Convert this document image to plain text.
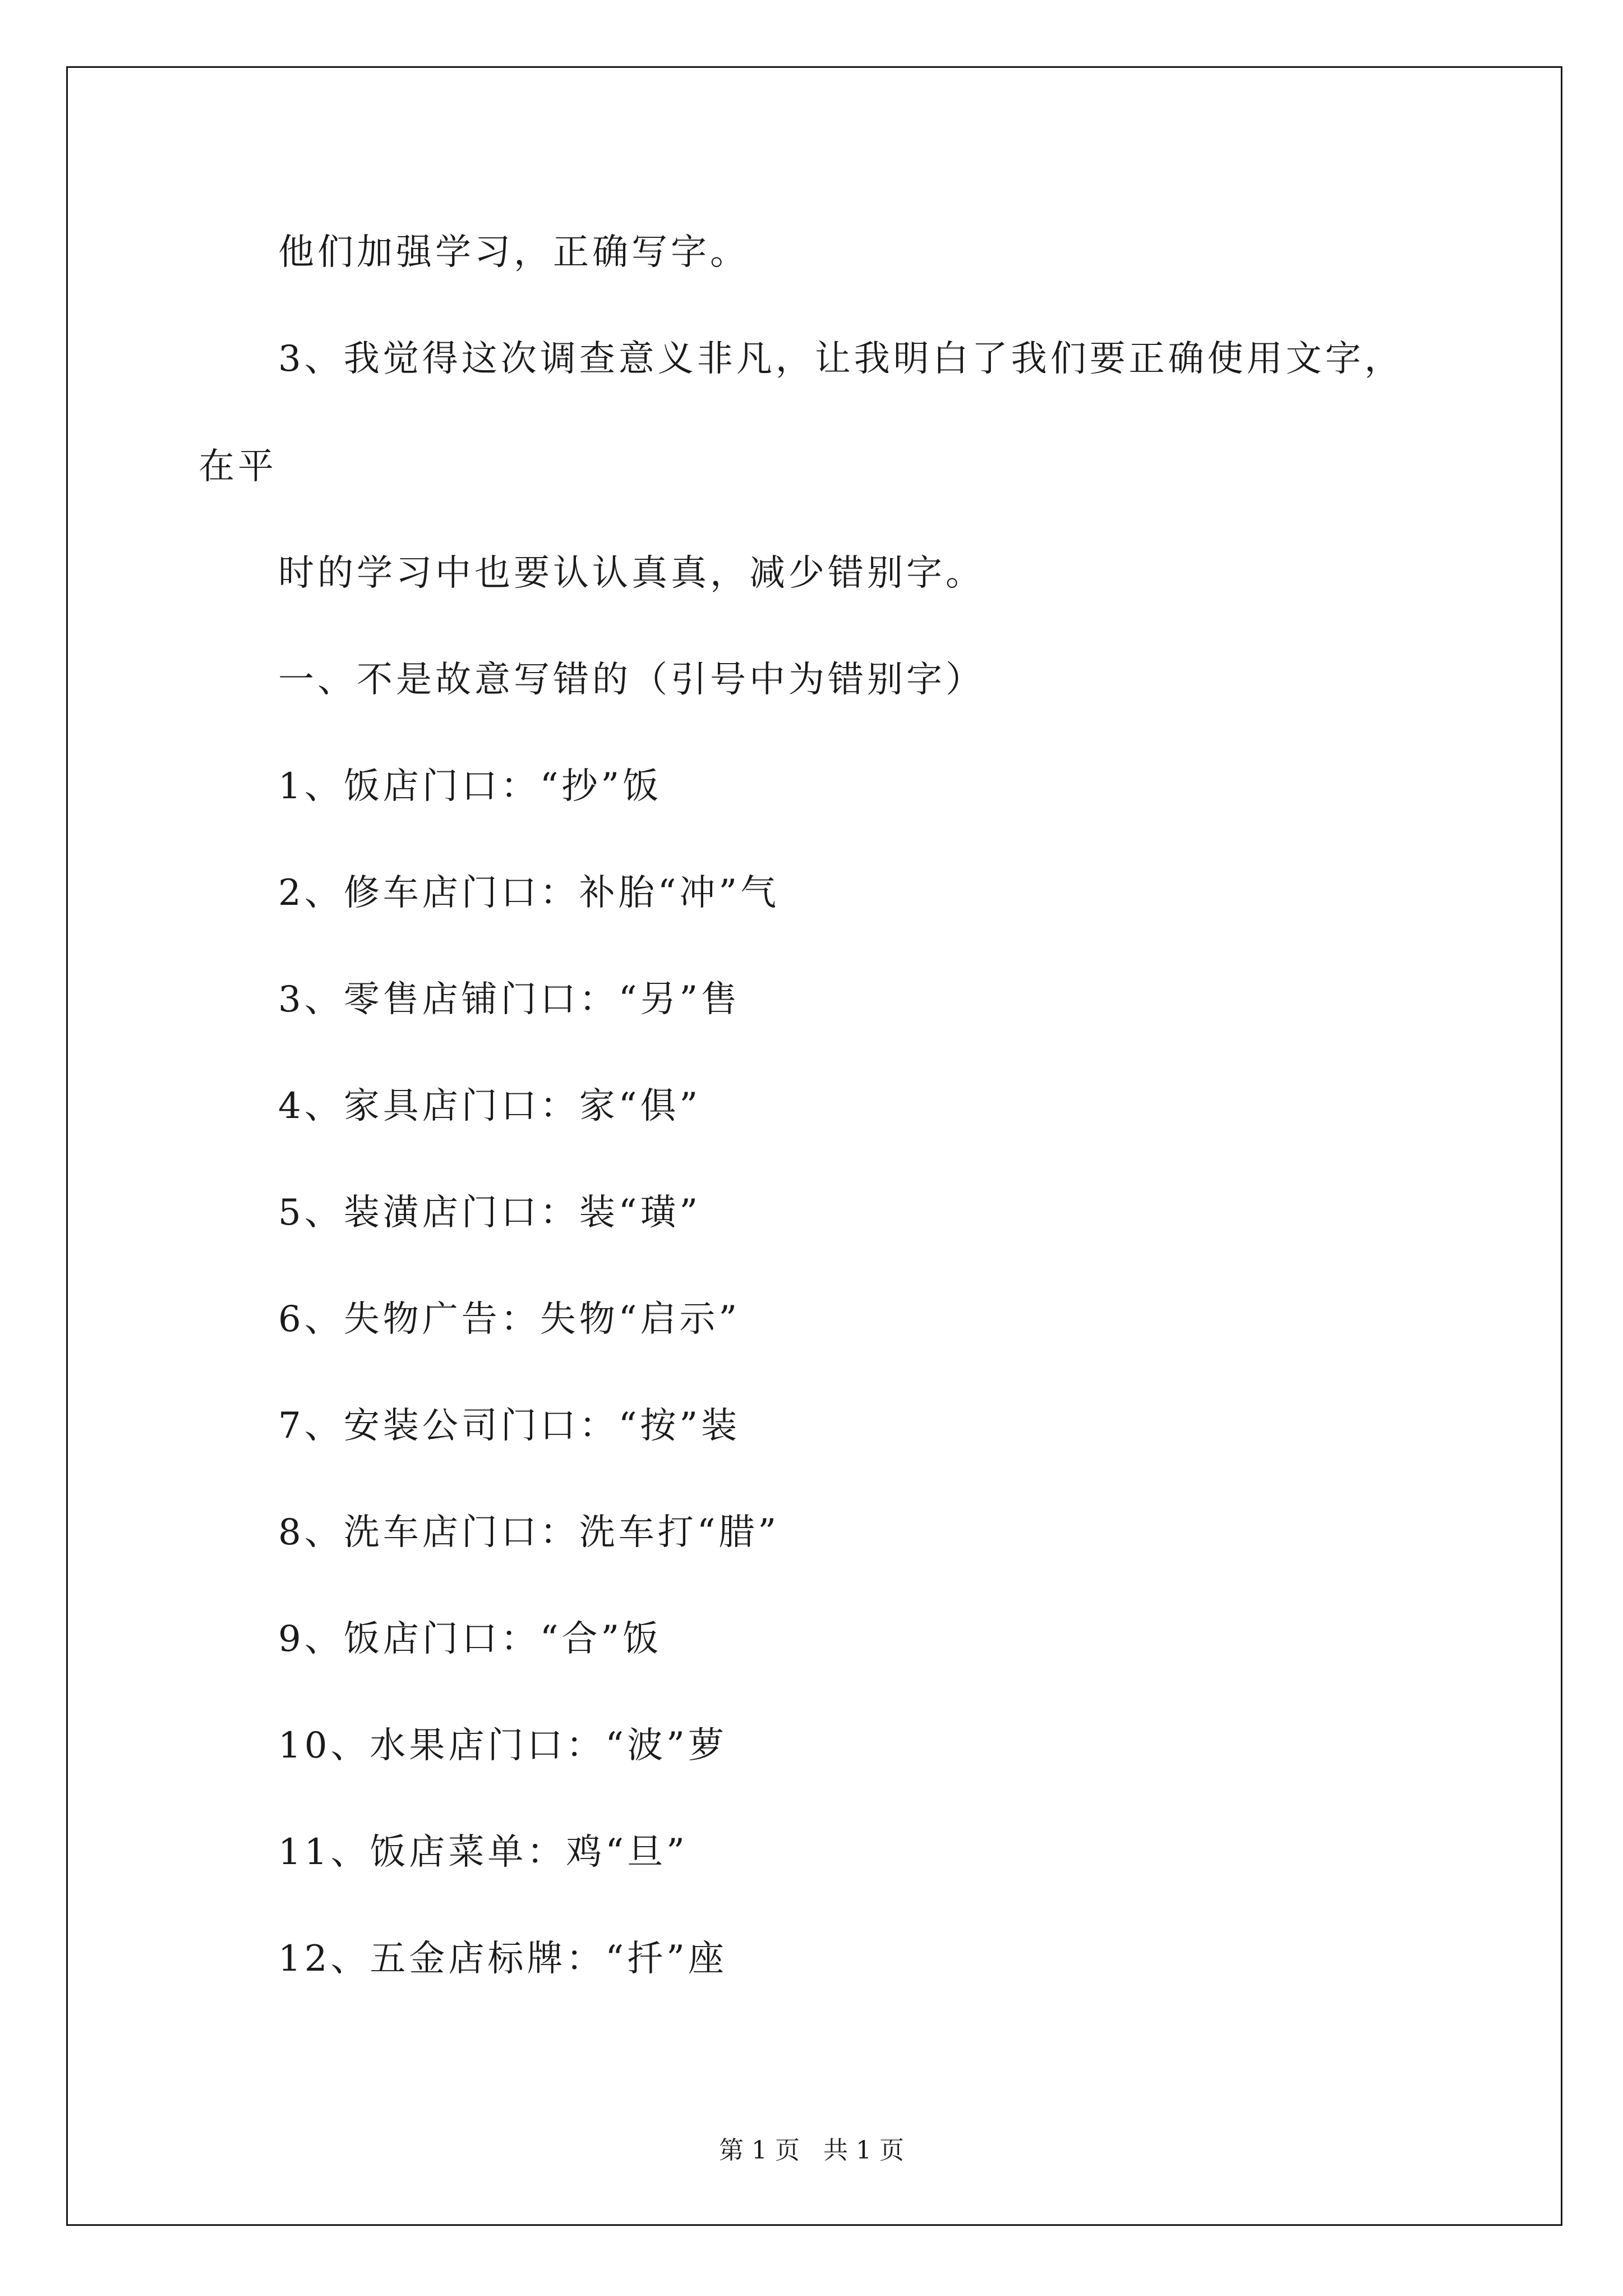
他们加强学习，正确写字。
3、我觉得这次调查意义非凡，让我明白了我们要正确使用文字，
在平
时的学习中也要认认真真，减少错别字。
一、不是故意写错的（引号中为错别字）
1、饭店门口：“抄”饭
2、修车店门口：补胎“冲”气
3、零售店铺门口：“另”售
4、家具店门口：家“俱”
5、装潢店门口：装“璜”
6、失物广告：失物“启示”
7、安装公司门口：“按”装
8、洗车店门口：洗车打“腊”
9、饭店门口：“合”饭
10、水果店门口：“波”萝
11、饭店菜单：鸡“旦”
12、五金店标牌：“扦”座
第 1 页   共 1 页
